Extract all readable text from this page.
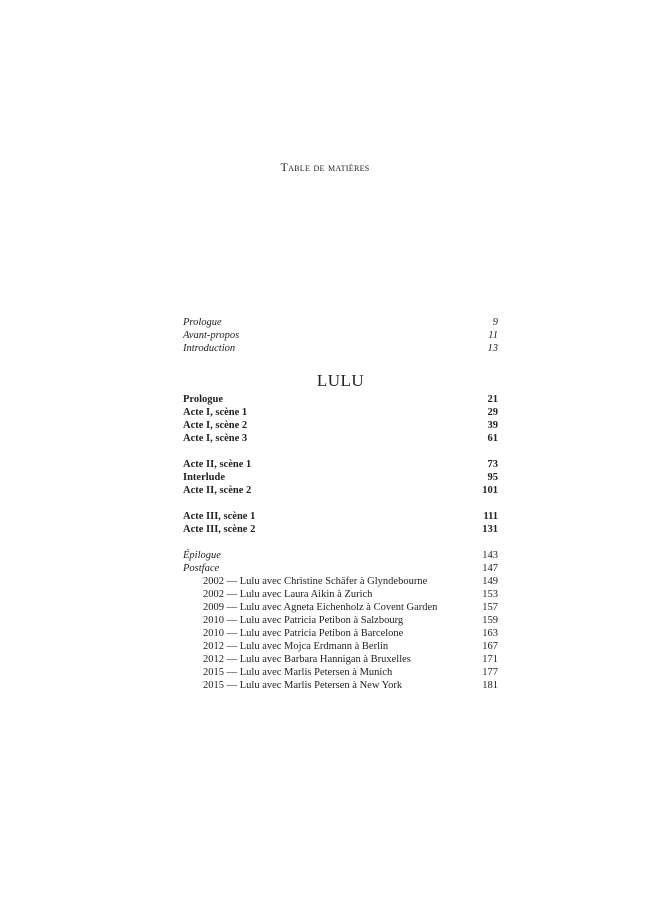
Table de matières
Prologue	9
Avant-propos	11
Introduction	13
LULU
Prologue	21
Acte I, scène 1	29
Acte I, scène 2	39
Acte I, scène 3	61
Acte II, scène 1	73
Interlude	95
Acte II, scène 2	101
Acte III, scène 1	111
Acte III, scène 2	131
Épilogue	143
Postface	147
2002 — Lulu avec Christine Schäfer à Glyndebourne	149
2002 — Lulu avec Laura Aikin à Zurich	153
2009 — Lulu avec Agneta Eichenholz à Covent Garden	157
2010 — Lulu avec Patricia Petibon à Salzbourg	159
2010 — Lulu avec Patricia Petibon à Barcelone	163
2012 — Lulu avec Mojca Erdmann à Berlin	167
2012 — Lulu avec Barbara Hannigan à Bruxelles	171
2015 — Lulu avec Marlis Petersen à Munich	177
2015 — Lulu avec Marlis Petersen à New York	181
